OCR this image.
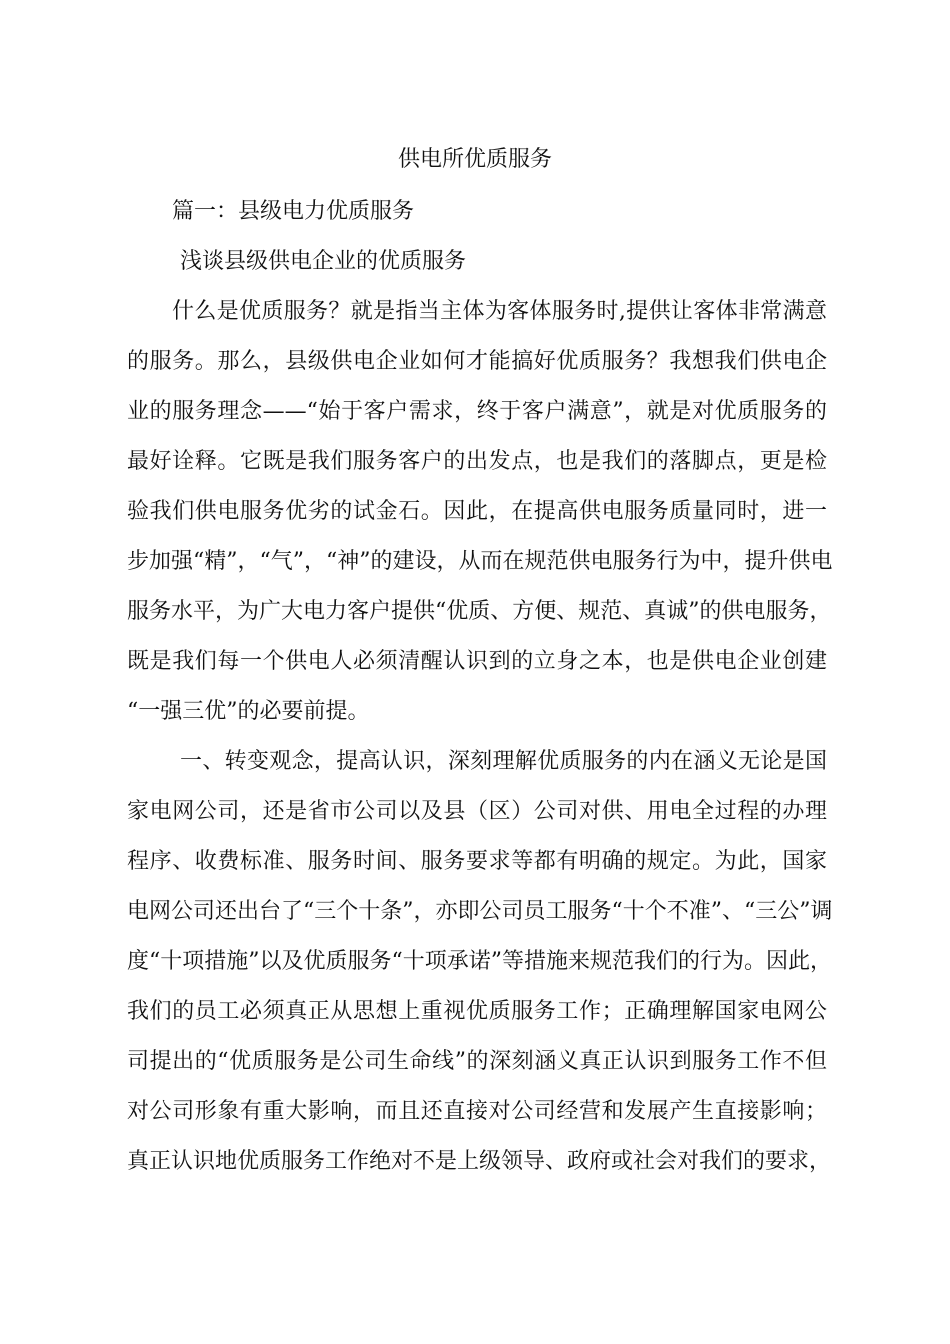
供电所优质服务
篇一：县级电力优质服务
浅谈县级供电企业的优质服务
什么是优质服务？就是指当主体为客体服务时,提供让客体非常满意
的服务。那么，县级供电企业如何才能搞好优质服务？我想我们供电企
业的服务理念——“始于客户需求，终于客户满意”，就是对优质服务的
最好诠释。它既是我们服务客户的出发点，也是我们的落脚点，更是检
验我们供电服务优劣的试金石。因此，在提高供电服务质量同时，进一
步加强“精”，“气”，“神”的建设，从而在规范供电服务行为中，提升供电
服务水平，为广大电力客户提供“优质、方便、规范、真诚”的供电服务，
既是我们每一个供电人必须清醒认识到的立身之本，也是供电企业创建
“一强三优”的必要前提。
一、转变观念，提高认识，深刻理解优质服务的内在涵义无论是国
家电网公司，还是省市公司以及县（区）公司对供、用电全过程的办理
程序、收费标准、服务时间、服务要求等都有明确的规定。为此，国家
电网公司还出台了“三个十条”，亦即公司员工服务“十个不准”、“三公”调
度“十项措施”以及优质服务“十项承诺”等措施来规范我们的行为。因此，
我们的员工必须真正从思想上重视优质服务工作；正确理解国家电网公
司提出的“优质服务是公司生命线”的深刻涵义真正认识到服务工作不但
对公司形象有重大影响，而且还直接对公司经营和发展产生直接影响；
真正认识地优质服务工作绝对不是上级领导、政府或社会对我们的要求，
